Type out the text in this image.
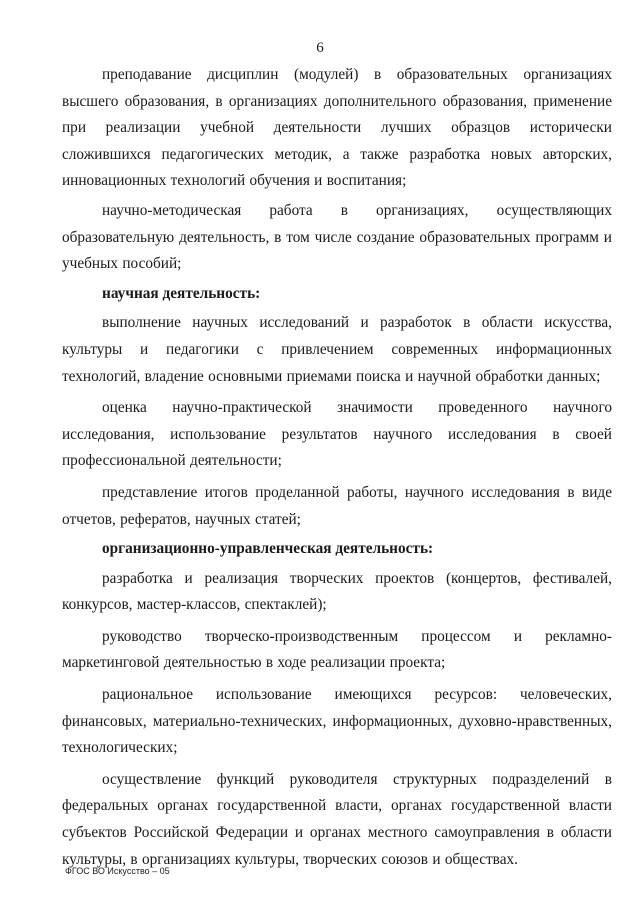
6

преподавание дисциплин (модулей) в образовательных организациях высшего образования, в организациях дополнительного образования, применение при реализации учебной деятельности лучших образцов исторически сложившихся педагогических методик, а также разработка новых авторских, инновационных технологий обучения и воспитания;

научно-методическая работа в организациях, осуществляющих образовательную деятельность, в том числе создание образовательных программ и учебных пособий;

научная деятельность:

выполнение научных исследований и разработок в области искусства, культуры и педагогики с привлечением современных информационных технологий, владение основными приемами поиска и научной обработки данных;

оценка научно-практической значимости проведенного научного исследования, использование результатов научного исследования в своей профессиональной деятельности;

представление итогов проделанной работы, научного исследования в виде отчетов, рефератов, научных статей;

организационно-управленческая деятельность:

разработка и реализация творческих проектов (концертов, фестивалей, конкурсов, мастер-классов, спектаклей);

руководство творческо-производственным процессом и рекламно-маркетинговой деятельностью в ходе реализации проекта;

рациональное использование имеющихся ресурсов: человеческих, финансовых, материально-технических, информационных, духовно-нравственных, технологических;

осуществление функций руководителя структурных подразделений в федеральных органах государственной власти, органах государственной власти субъектов Российской Федерации и органах местного самоуправления в области культуры, в организациях культуры, творческих союзов и обществах.

ФГОС ВО Искусство – 05
